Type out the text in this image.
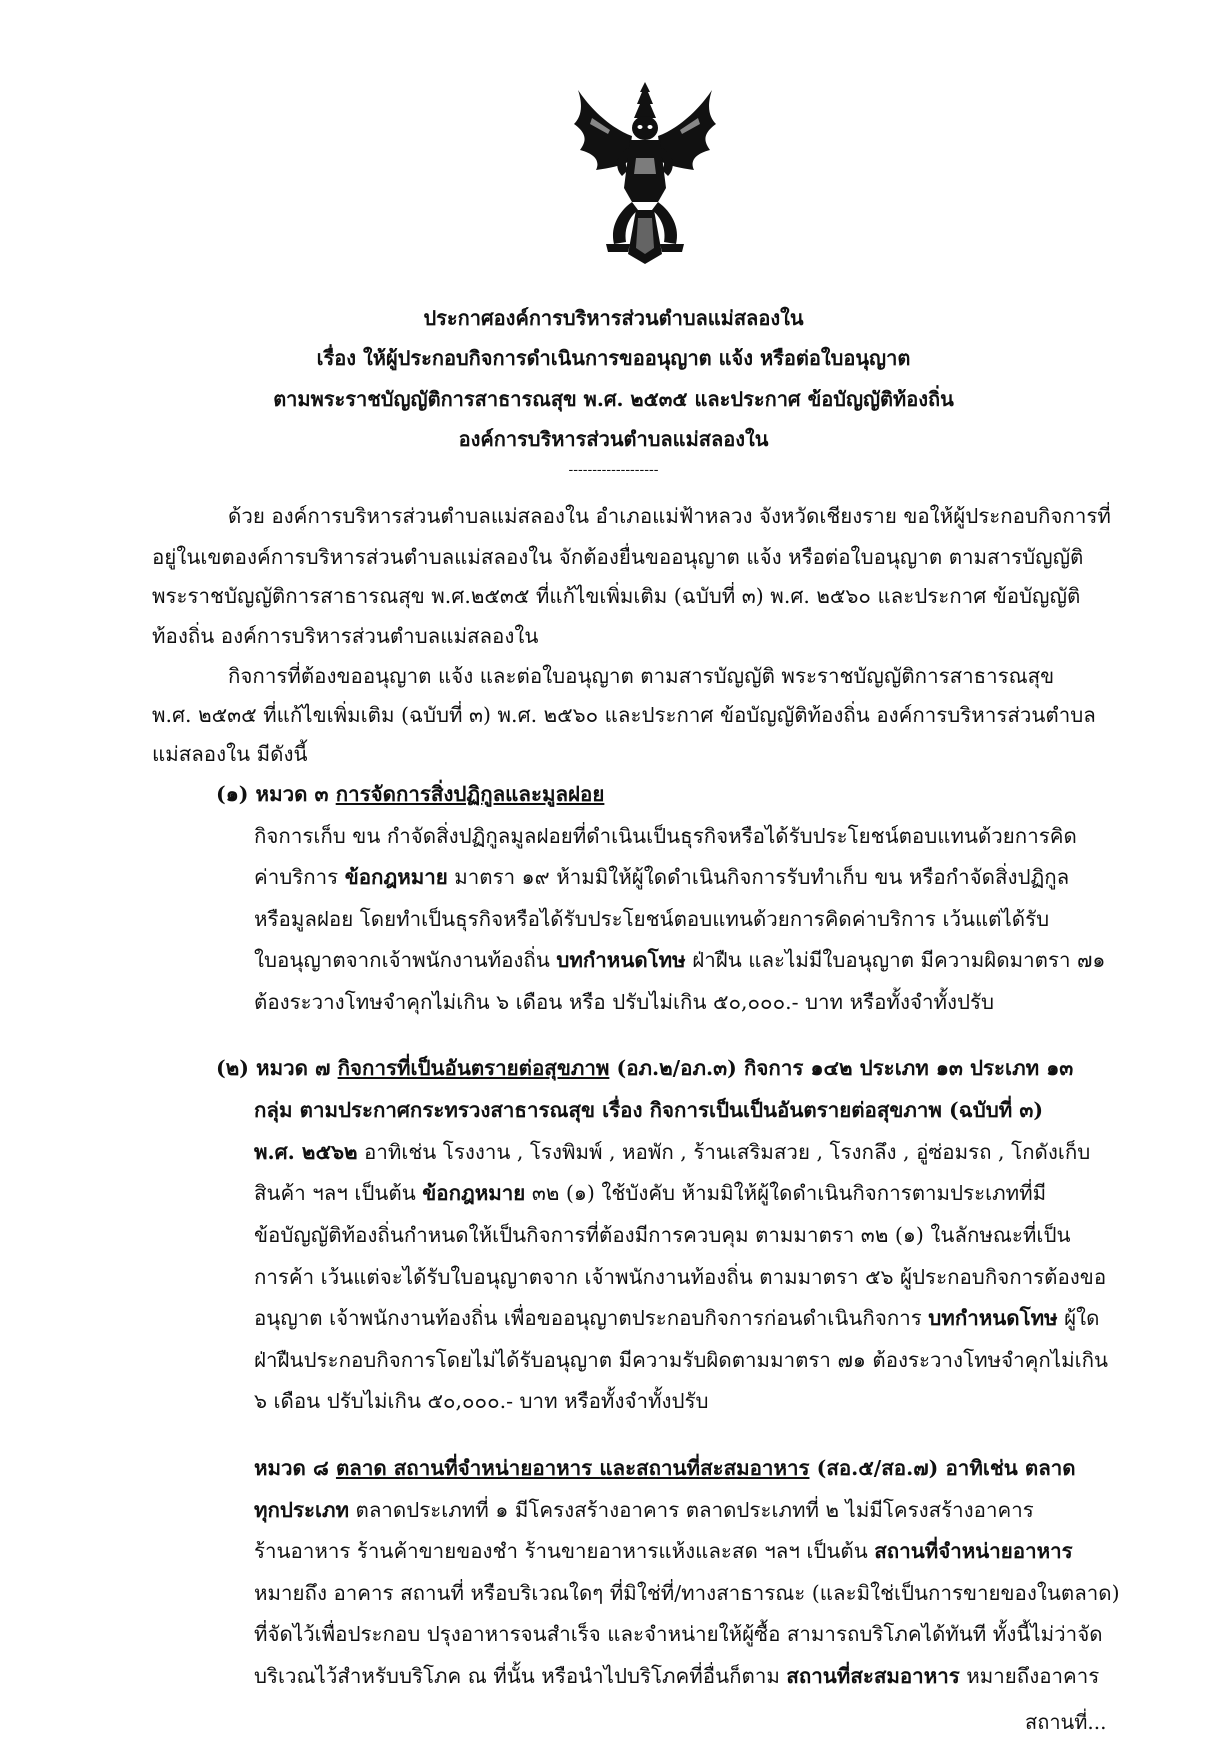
ประกาศองค์การบริหารส่วนตำบลแม่สลองใน
เรื่อง ให้ผู้ประกอบกิจการดำเนินการขออนุญาต แจ้ง หรือต่อใบอนุญาต
ตามพระราชบัญญัติการสาธารณสุข พ.ศ. ๒๕๓๕ และประกาศ ข้อบัญญัติท้องถิ่น
องค์การบริหารส่วนตำบลแม่สลองใน
-------------------
ด้วย องค์การบริหารส่วนตำบลแม่สลองใน อำเภอแม่ฟ้าหลวง จังหวัดเชียงราย ขอให้ผู้ประกอบกิจการที่
อยู่ในเขตองค์การบริหารส่วนตำบลแม่สลองใน จักต้องยื่นขออนุญาต แจ้ง หรือต่อใบอนุญาต ตามสารบัญญัติ
พระราชบัญญัติการสาธารณสุข พ.ศ.๒๕๓๕ ที่แก้ไขเพิ่มเติม (ฉบับที่ ๓) พ.ศ. ๒๕๖๐ และประกาศ ข้อบัญญัติ
ท้องถิ่น องค์การบริหารส่วนตำบลแม่สลองใน
กิจการที่ต้องขออนุญาต แจ้ง และต่อใบอนุญาต ตามสารบัญญัติ พระราชบัญญัติการสาธารณสุข
พ.ศ. ๒๕๓๕ ที่แก้ไขเพิ่มเติม (ฉบับที่ ๓) พ.ศ. ๒๕๖๐ และประกาศ ข้อบัญญัติท้องถิ่น องค์การบริหารส่วนตำบล
แม่สลองใน มีดังนี้
(๑) หมวด ๓ การจัดการสิ่งปฏิกูลและมูลฝอย
กิจการเก็บ ขน กำจัดสิ่งปฏิกูลมูลฝอยที่ดำเนินเป็นธุรกิจหรือได้รับประโยชน์ตอบแทนด้วยการคิด
ค่าบริการ ข้อกฎหมาย มาตรา ๑๙ ห้ามมิให้ผู้ใดดำเนินกิจการรับทำเก็บ ขน หรือกำจัดสิ่งปฏิกูล
หรือมูลฝอย โดยทำเป็นธุรกิจหรือได้รับประโยชน์ตอบแทนด้วยการคิดค่าบริการ เว้นแต่ได้รับ
ใบอนุญาตจากเจ้าพนักงานท้องถิ่น บทกำหนดโทษ ฝ่าฝืน และไม่มีใบอนุญาต มีความผิดมาตรา ๗๑
ต้องระวางโทษจำคุกไม่เกิน ๖ เดือน หรือ ปรับไม่เกิน ๕๐,๐๐๐.- บาท หรือทั้งจำทั้งปรับ
(๒) หมวด ๗ กิจการที่เป็นอันตรายต่อสุขภาพ (อภ.๒/อภ.๓) กิจการ ๑๔๒ ประเภท ๑๓ ประเภท ๑๓
กลุ่ม ตามประกาศกระทรวงสาธารณสุข เรื่อง กิจการเป็นเป็นอันตรายต่อสุขภาพ (ฉบับที่ ๓)
พ.ศ. ๒๕๖๒ อาทิเช่น โรงงาน , โรงพิมพ์ , หอพัก , ร้านเสริมสวย , โรงกลึง , อู่ซ่อมรถ , โกดังเก็บ
สินค้า ฯลฯ เป็นต้น ข้อกฎหมาย ๓๒ (๑) ใช้บังคับ ห้ามมิให้ผู้ใดดำเนินกิจการตามประเภทที่มี
ข้อบัญญัติท้องถิ่นกำหนดให้เป็นกิจการที่ต้องมีการควบคุม ตามมาตรา ๓๒ (๑) ในลักษณะที่เป็น
การค้า เว้นแต่จะได้รับใบอนุญาตจาก เจ้าพนักงานท้องถิ่น ตามมาตรา ๕๖ ผู้ประกอบกิจการต้องขอ
อนุญาต เจ้าพนักงานท้องถิ่น เพื่อขออนุญาตประกอบกิจการก่อนดำเนินกิจการ บทกำหนดโทษ ผู้ใด
ฝ่าฝืนประกอบกิจการโดยไม่ได้รับอนุญาต มีความรับผิดตามมาตรา ๗๑ ต้องระวางโทษจำคุกไม่เกิน
๖ เดือน ปรับไม่เกิน ๕๐,๐๐๐.- บาท หรือทั้งจำทั้งปรับ
หมวด ๘ ตลาด สถานที่จำหน่ายอาหาร และสถานที่สะสมอาหาร (สอ.๕/สอ.๗) อาทิเช่น ตลาด
ทุกประเภท ตลาดประเภทที่ ๑ มีโครงสร้างอาคาร ตลาดประเภทที่ ๒ ไม่มีโครงสร้างอาคาร
ร้านอาหาร ร้านค้าขายของชำ ร้านขายอาหารแห้งและสด ฯลฯ เป็นต้น สถานที่จำหน่ายอาหาร
หมายถึง อาคาร สถานที่ หรือบริเวณใดๆ ที่มิใช่ที่/ทางสาธารณะ (และมิใช่เป็นการขายของในตลาด)
ที่จัดไว้เพื่อประกอบ ปรุงอาหารจนสำเร็จ และจำหน่ายให้ผู้ซื้อ สามารถบริโภคได้ทันที ทั้งนี้ไม่ว่าจัด
บริเวณไว้สำหรับบริโภค ณ ที่นั้น หรือนำไปบริโภคที่อื่นก็ตาม สถานที่สะสมอาหาร หมายถึงอาคาร
สถานที่...
